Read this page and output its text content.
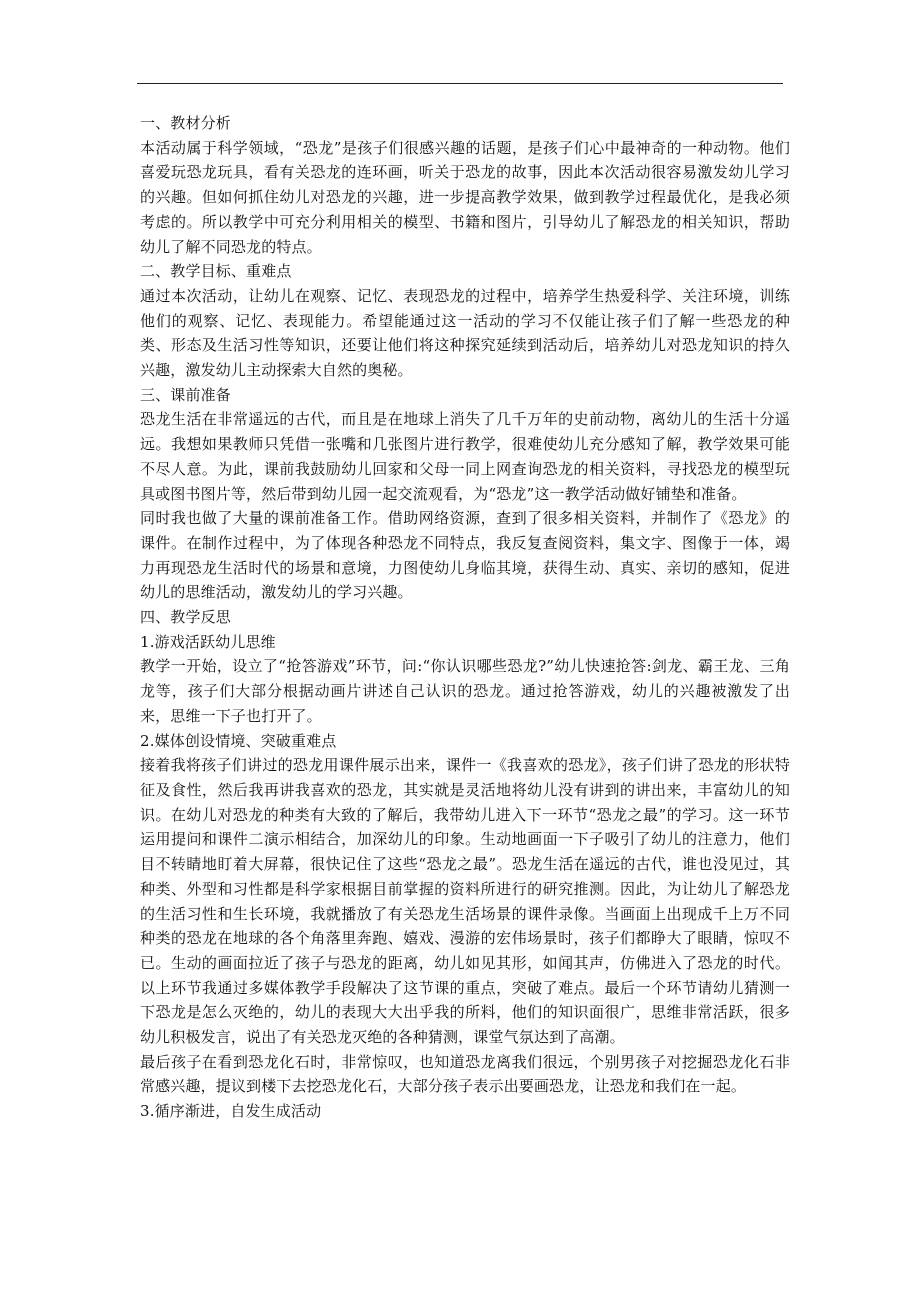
一、教材分析

本活动属于科学领域，“恐龙”是孩子们很感兴趣的话题，是孩子们心中最神奇的一种动物。他们喜爱玩恐龙玩具，看有关恐龙的连环画，听关于恐龙的故事，因此本次活动很容易激发幼儿学习的兴趣。但如何抓住幼儿对恐龙的兴趣，进一步提高教学效果，做到教学过程最优化，是我必须考虑的。所以教学中可充分利用相关的模型、书籍和图片，引导幼儿了解恐龙的相关知识，帮助幼儿了解不同恐龙的特点。

二、教学目标、重难点

通过本次活动，让幼儿在观察、记忆、表现恐龙的过程中，培养学生热爱科学、关注环境，训练他们的观察、记忆、表现能力。希望能通过这一活动的学习不仅能让孩子们了解一些恐龙的种类、形态及生活习性等知识，还要让他们将这种探究延续到活动后，培养幼儿对恐龙知识的持久兴趣，激发幼儿主动探索大自然的奥秘。

三、课前准备

恐龙生活在非常遥远的古代，而且是在地球上消失了几千万年的史前动物，离幼儿的生活十分遥远。我想如果教师只凭借一张嘴和几张图片进行教学，很难使幼儿充分感知了解，教学效果可能不尽人意。为此，课前我鼓励幼儿回家和父母一同上网查询恐龙的相关资料，寻找恐龙的模型玩具或图书图片等，然后带到幼儿园一起交流观看，为“恐龙”这一教学活动做好铺垫和准备。

同时我也做了大量的课前准备工作。借助网络资源，查到了很多相关资料，并制作了《恐龙》的课件。在制作过程中，为了体现各种恐龙不同特点，我反复查阅资料，集文字、图像于一体，竭力再现恐龙生活时代的场景和意境，力图使幼儿身临其境，获得生动、真实、亲切的感知，促进幼儿的思维活动，激发幼儿的学习兴趣。

四、教学反思

1.游戏活跃幼儿思维

教学一开始，设立了“抢答游戏”环节，问:“你认识哪些恐龙?”幼儿快速抢答:剑龙、霸王龙、三角龙等，孩子们大部分根据动画片讲述自己认识的恐龙。通过抢答游戏，幼儿的兴趣被激发了出来，思维一下子也打开了。

2.媒体创设情境、突破重难点

接着我将孩子们讲过的恐龙用课件展示出来，课件一《我喜欢的恐龙》，孩子们讲了恐龙的形状特征及食性，然后我再讲我喜欢的恐龙，其实就是灵活地将幼儿没有讲到的讲出来，丰富幼儿的知识。在幼儿对恐龙的种类有大致的了解后，我带幼儿进入下一环节“恐龙之最”的学习。这一环节运用提问和课件二演示相结合，加深幼儿的印象。生动地画面一下子吸引了幼儿的注意力，他们目不转睛地盯着大屏幕，很快记住了这些“恐龙之最”。恐龙生活在遥远的古代，谁也没见过，其种类、外型和习性都是科学家根据目前掌握的资料所进行的研究推测。因此，为让幼儿了解恐龙的生活习性和生长环境，我就播放了有关恐龙生活场景的课件录像。当画面上出现成千上万不同种类的恐龙在地球的各个角落里奔跑、嬉戏、漫游的宏伟场景时，孩子们都睁大了眼睛，惊叹不已。生动的画面拉近了孩子与恐龙的距离，幼儿如见其形，如闻其声，仿佛进入了恐龙的时代。以上环节我通过多媒体教学手段解决了这节课的重点，突破了难点。最后一个环节请幼儿猜测一下恐龙是怎么灭绝的，幼儿的表现大大出乎我的所料，他们的知识面很广，思维非常活跃，很多幼儿积极发言，说出了有关恐龙灭绝的各种猜测，课堂气氛达到了高潮。

最后孩子在看到恐龙化石时，非常惊叹，也知道恐龙离我们很远，个别男孩子对挖掘恐龙化石非常感兴趣，提议到楼下去挖恐龙化石，大部分孩子表示出要画恐龙，让恐龙和我们在一起。

3.循序渐进，自发生成活动
